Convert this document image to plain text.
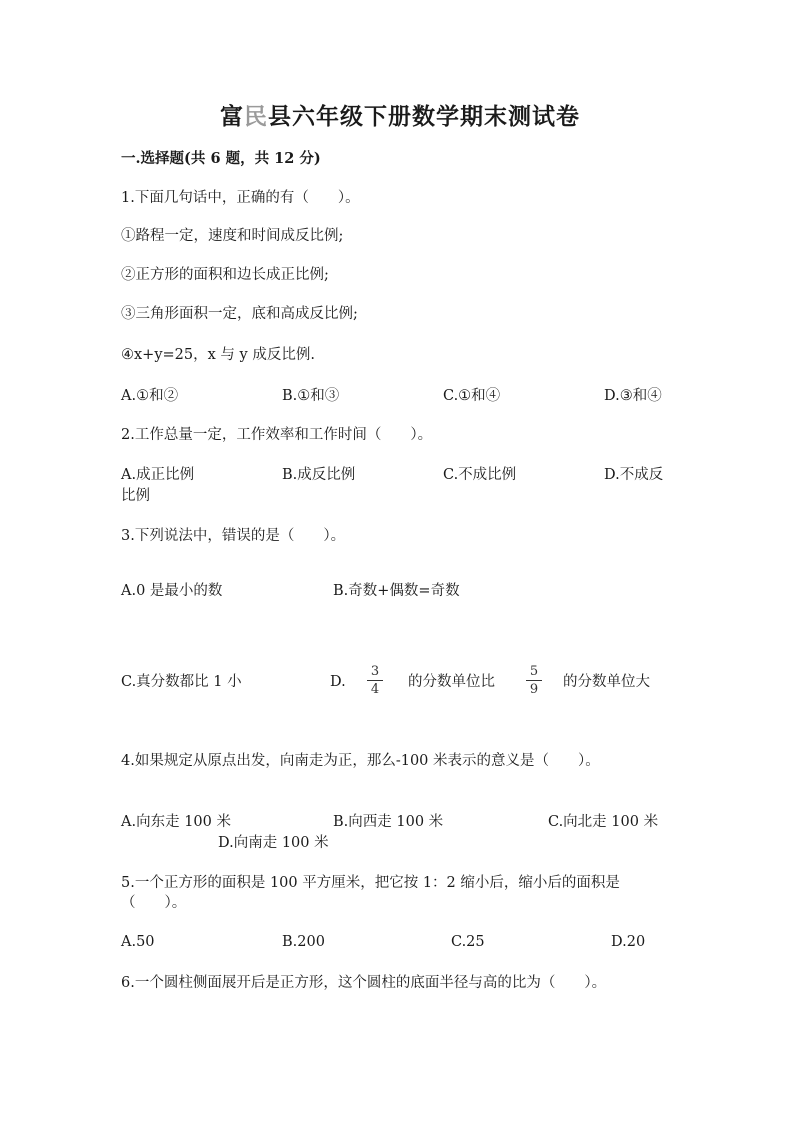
富民县六年级下册数学期末测试卷
一.选择题(共 6 题，共 12 分)
1.下面几句话中，正确的有（　　）。
①路程一定，速度和时间成反比例;
②正方形的面积和边长成正比例;
③三角形面积一定，底和高成反比例;
④x+y=25，x 与 y 成反比例.
A.①和②	B.①和③	C.①和④	D.③和④
2.工作总量一定，工作效率和工作时间（　　）。
A.成正比例	B.成反比例	C.不成比例	D.不成反
比例
3.下列说法中，错误的是（　　）。
A.0 是最小的数	B.奇数+偶数=奇数
C.真分数都比 1 小	D.
3
4 的分数单位比
5
9 的分数单位大
4.如果规定从原点出发，向南走为正，那么-100 米表示的意义是（　　）。
A.向东走 100 米	B.向西走 100 米	C.向北走 100 米
D.向南走 100 米
5.一个正方形的面积是 100 平方厘米，把它按 1：2 缩小后，缩小后的面积是
（　　）。
A.50	B.200	C.25	D.20
6.一个圆柱侧面展开后是正方形，这个圆柱的底面半径与高的比为（　　）。
